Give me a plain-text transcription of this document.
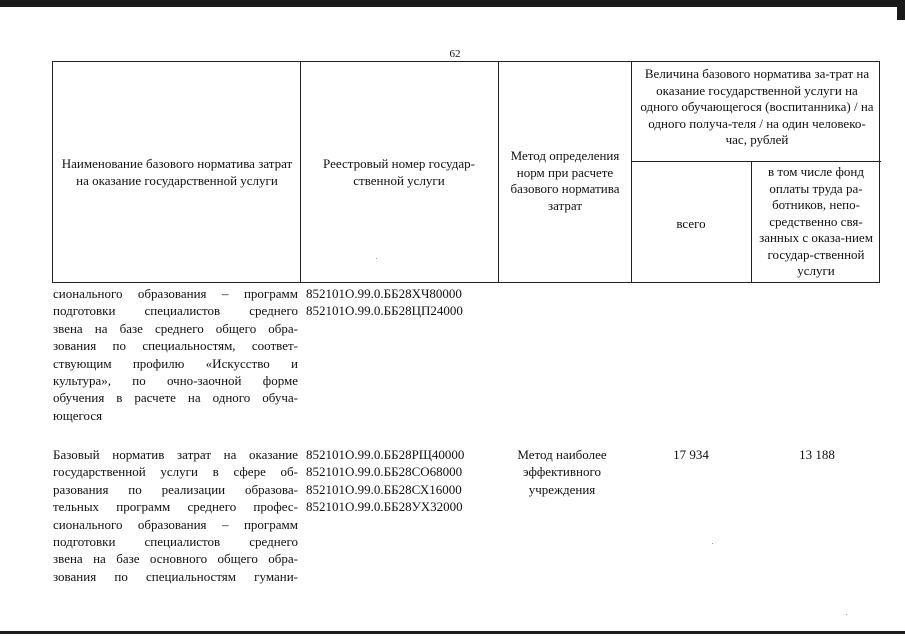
62
Наименование базового норматива затрат на оказание государственной услуги
Реестровый номер государ-ственной услуги
Метод определения норм при расчете базового норматива затрат
Величина базового норматива за-трат на оказание государственной услуги на одного обучающегося (воспитанника) / на одного получа-теля / на один человеко-час, рублей
всего
в том числе фонд оплаты труда ра-ботников, непо-средственно свя-занных с оказа-нием государ-ственной услуги
сионального образования – программ
подготовки специалистов среднего
звена на базе среднего общего обра-
зования по специальностям, соответ-
ствующим профилю «Искусство и
культура», по очно-заочной форме
обучения в расчете на одного обуча-
ющегося
852101О.99.0.ББ28ХЧ80000
852101О.99.0.ББ28ЦП24000
Базовый норматив затрат на оказание
государственной услуги в сфере об-
разования по реализации образова-
тельных программ среднего профес-
сионального образования – программ
подготовки специалистов среднего
звена на базе основного общего обра-
зования по специальностям гумани-
852101О.99.0.ББ28РЩ40000
852101О.99.0.ББ28СО68000
852101О.99.0.ББ28СХ16000
852101О.99.0.ББ28УХ32000
Метод наиболее эффективного учреждения
17 934	13 188
